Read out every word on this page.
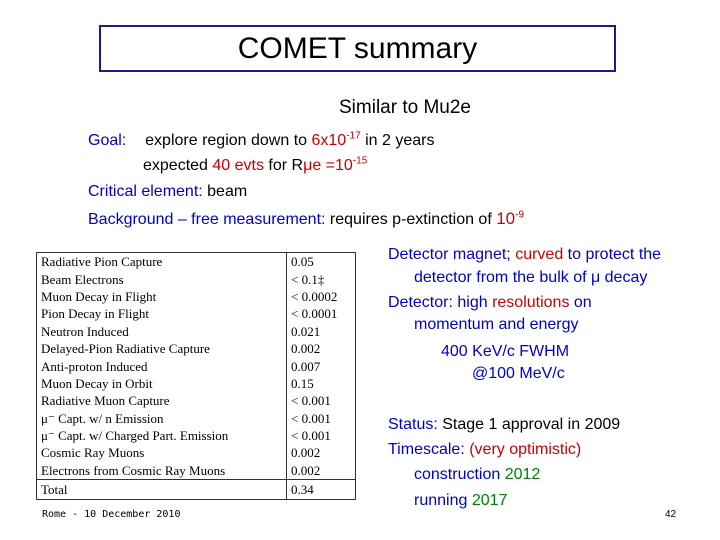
COMET summary
Similar to Mu2e
Goal: explore region down to $6x10^{-17}$ in 2 years
expected 40 evts for $R\mu e =10^{-15}$
Critical element: beam
Background – free measurement: requires p-extinction of $10^{-9}$
Radiative Pion Capture	0.05
Beam Electrons	< 0.1‡
Muon Decay in Flight	< 0.0002
Pion Decay in Flight	< 0.0001
Neutron Induced	0.021
Delayed-Pion Radiative Capture	0.002
Anti-proton Induced	0.007
Muon Decay in Orbit	0.15
Radiative Muon Capture	< 0.001
μ⁻ Capt. w/ n Emission	< 0.001
μ⁻ Capt. w/ Charged Part. Emission	< 0.001
Cosmic Ray Muons	0.002
Electrons from Cosmic Ray Muons	0.002
Total	0.34
Detector magnet; curved to protect the
detector from the bulk of μ decay
Detector: high resolutions on
momentum and energy
400 KeV/c FWHM
@100 MeV/c
Status: Stage 1 approval in 2009
Timescale: (very optimistic)
construction 2012
running 2017
Rome - 10 December 2010	42
